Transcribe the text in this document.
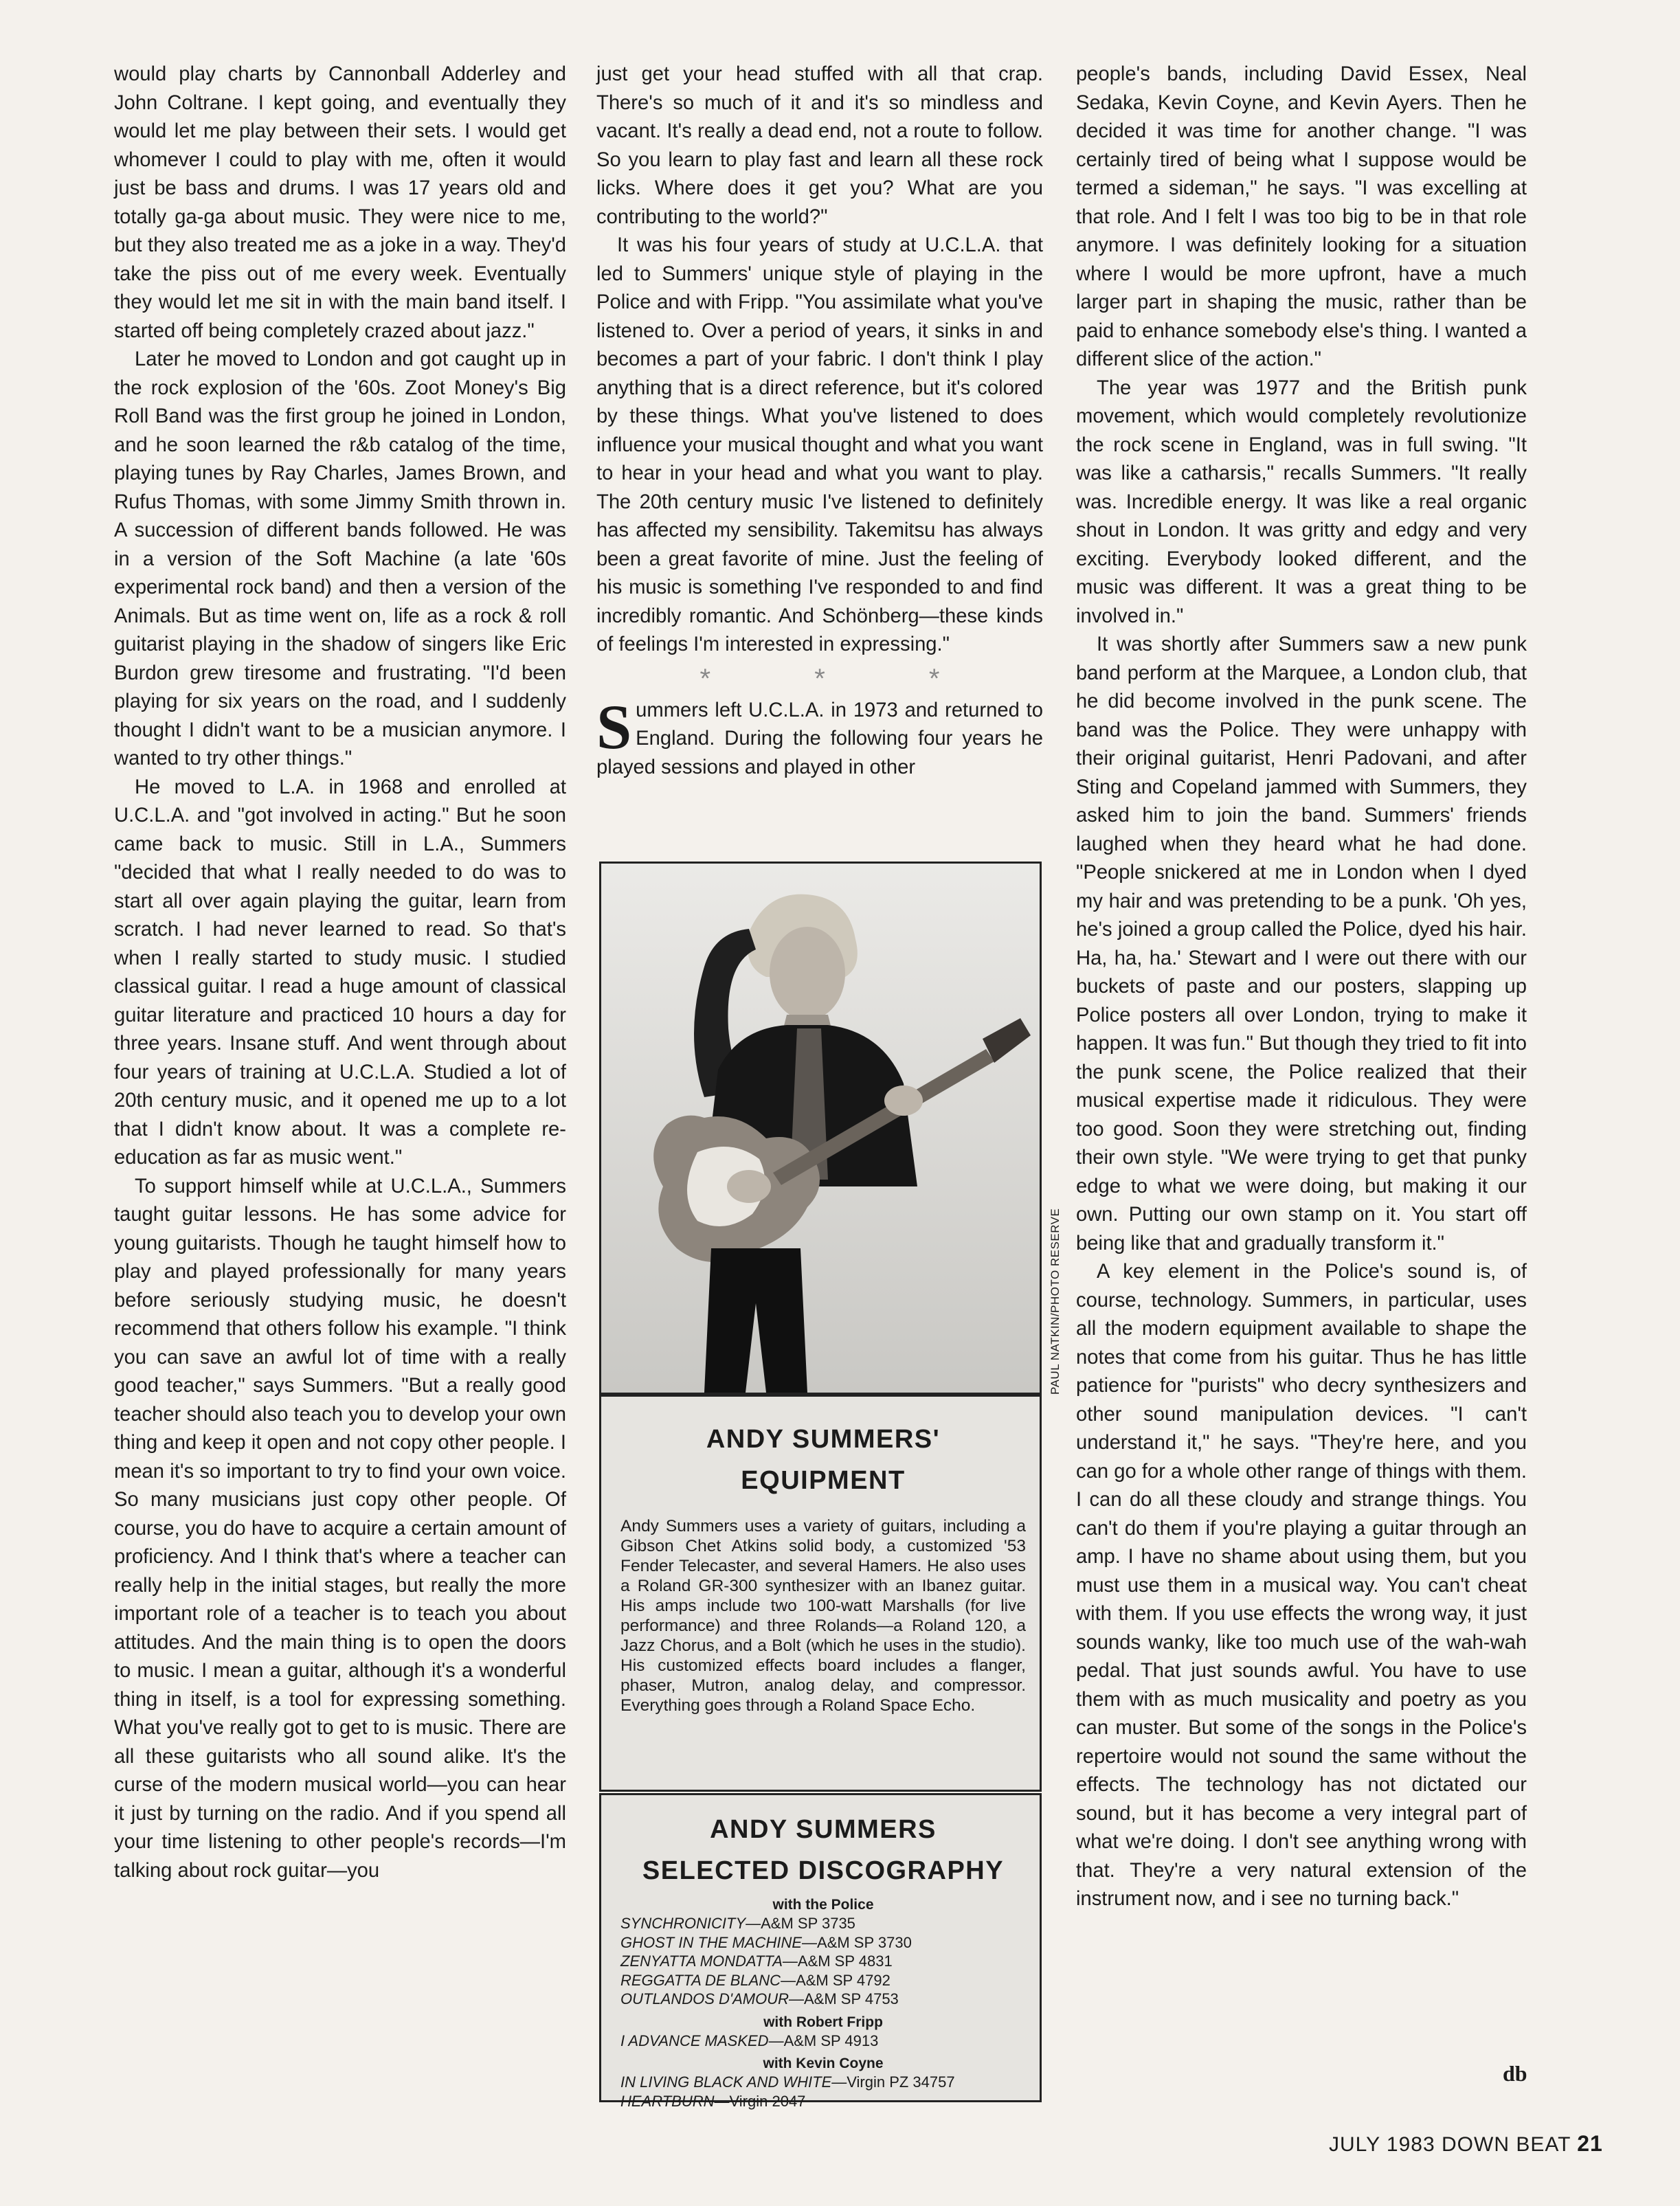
would play charts by Cannonball Adderley and John Coltrane. I kept going, and eventually they would let me play between their sets. I would get whomever I could to play with me, often it would just be bass and drums. I was 17 years old and totally ga-ga about music. They were nice to me, but they also treated me as a joke in a way. They'd take the piss out of me every week. Eventually they would let me sit in with the main band itself. I started off being completely crazed about jazz."

Later he moved to London and got caught up in the rock explosion of the '60s. Zoot Money's Big Roll Band was the first group he joined in London, and he soon learned the r&b catalog of the time, playing tunes by Ray Charles, James Brown, and Rufus Thomas, with some Jimmy Smith thrown in. A succession of different bands followed. He was in a version of the Soft Machine (a late '60s experimental rock band) and then a version of the Animals. But as time went on, life as a rock & roll guitarist playing in the shadow of singers like Eric Burdon grew tiresome and frustrating. "I'd been playing for six years on the road, and I suddenly thought I didn't want to be a musician anymore. I wanted to try other things."

He moved to L.A. in 1968 and enrolled at U.C.L.A. and "got involved in acting." But he soon came back to music. Still in L.A., Summers "decided that what I really needed to do was to start all over again playing the guitar, learn from scratch. I had never learned to read. So that's when I really started to study music. I studied classical guitar. I read a huge amount of classical guitar literature and practiced 10 hours a day for three years. Insane stuff. And went through about four years of training at U.C.L.A. Studied a lot of 20th century music, and it opened me up to a lot that I didn't know about. It was a complete re-education as far as music went."

To support himself while at U.C.L.A., Summers taught guitar lessons. He has some advice for young guitarists. Though he taught himself how to play and played professionally for many years before seriously studying music, he doesn't recommend that others follow his example. "I think you can save an awful lot of time with a really good teacher," says Summers. "But a really good teacher should also teach you to develop your own thing and keep it open and not copy other people. I mean it's so important to try to find your own voice. So many musicians just copy other people. Of course, you do have to acquire a certain amount of proficiency. And I think that's where a teacher can really help in the initial stages, but really the more important role of a teacher is to teach you about attitudes. And the main thing is to open the doors to music. I mean a guitar, although it's a wonderful thing in itself, is a tool for expressing something. What you've really got to get to is music. There are all these guitarists who all sound alike. It's the curse of the modern musical world—you can hear it just by turning on the radio. And if you spend all your time listening to other people's records—I'm talking about rock guitar—you

just get your head stuffed with all that crap. There's so much of it and it's so mindless and vacant. It's really a dead end, not a route to follow. So you learn to play fast and learn all these rock licks. Where does it get you? What are you contributing to the world?"

It was his four years of study at U.C.L.A. that led to Summers' unique style of playing in the Police and with Fripp. "You assimilate what you've listened to. Over a period of years, it sinks in and becomes a part of your fabric. I don't think I play anything that is a direct reference, but it's colored by these things. What you've listened to does influence your musical thought and what you want to hear in your head and what you want to play. The 20th century music I've listened to definitely has affected my sensibility. Takemitsu has always been a great favorite of mine. Just the feeling of his music is something I've responded to and find incredibly romantic. And Schönberg—these kinds of feelings I'm interested in expressing."

* * *

Summers left U.C.L.A. in 1973 and returned to England. During the following four years he played sessions and played in other

PAUL NATKIN/PHOTO RESERVE
ANDY SUMMERS'
EQUIPMENT

Andy Summers uses a variety of guitars, including a Gibson Chet Atkins solid body, a customized '53 Fender Telecaster, and several Hamers. He also uses a Roland GR-300 synthesizer with an Ibanez guitar. His amps include two 100-watt Marshalls (for live performance) and three Rolands—a Roland 120, a Jazz Chorus, and a Bolt (which he uses in the studio). His customized effects board includes a flanger, phaser, Mutron, analog delay, and compressor. Everything goes through a Roland Space Echo.

ANDY SUMMERS
SELECTED DISCOGRAPHY
with the Police
SYNCHRONICITY—A&M SP 3735
GHOST IN THE MACHINE—A&M SP 3730
ZENYATTA MONDATTA—A&M SP 4831
REGGATTA DE BLANC—A&M SP 4792
OUTLANDOS D'AMOUR—A&M SP 4753
with Robert Fripp
I ADVANCE MASKED—A&M SP 4913
with Kevin Coyne
IN LIVING BLACK AND WHITE—Virgin PZ 34757
HEARTBURN—Virgin 2047

people's bands, including David Essex, Neal Sedaka, Kevin Coyne, and Kevin Ayers. Then he decided it was time for another change. "I was certainly tired of being what I suppose would be termed a sideman," he says. "I was excelling at that role. And I felt I was too big to be in that role anymore. I was definitely looking for a situation where I would be more upfront, have a much larger part in shaping the music, rather than be paid to enhance somebody else's thing. I wanted a different slice of the action."

The year was 1977 and the British punk movement, which would completely revolutionize the rock scene in England, was in full swing. "It was like a catharsis," recalls Summers. "It really was. Incredible energy. It was like a real organic shout in London. It was gritty and edgy and very exciting. Everybody looked different, and the music was different. It was a great thing to be involved in."

It was shortly after Summers saw a new punk band perform at the Marquee, a London club, that he did become involved in the punk scene. The band was the Police. They were unhappy with their original guitarist, Henri Padovani, and after Sting and Copeland jammed with Summers, they asked him to join the band. Summers' friends laughed when they heard what he had done. "People snickered at me in London when I dyed my hair and was pretending to be a punk. 'Oh yes, he's joined a group called the Police, dyed his hair. Ha, ha, ha.' Stewart and I were out there with our buckets of paste and our posters, slapping up Police posters all over London, trying to make it happen. It was fun." But though they tried to fit into the punk scene, the Police realized that their musical expertise made it ridiculous. They were too good. Soon they were stretching out, finding their own style. "We were trying to get that punky edge to what we were doing, but making it our own. Putting our own stamp on it. You start off being like that and gradually transform it."

A key element in the Police's sound is, of course, technology. Summers, in particular, uses all the modern equipment available to shape the notes that come from his guitar. Thus he has little patience for "purists" who decry synthesizers and other sound manipulation devices. "I can't understand it," he says. "They're here, and you can go for a whole other range of things with them. I can do all these cloudy and strange things. You can't do them if you're playing a guitar through an amp. I have no shame about using them, but you must use them in a musical way. You can't cheat with them. If you use effects the wrong way, it just sounds wanky, like too much use of the wah-wah pedal. That just sounds awful. You have to use them with as much musicality and poetry as you can muster. But some of the songs in the Police's repertoire would not sound the same without the effects. The technology has not dictated our sound, but it has become a very integral part of what we're doing. I don't see anything wrong with that. They're a very natural extension of the instrument now, and i see no turning back."

db
JULY 1983 DOWN BEAT 21
